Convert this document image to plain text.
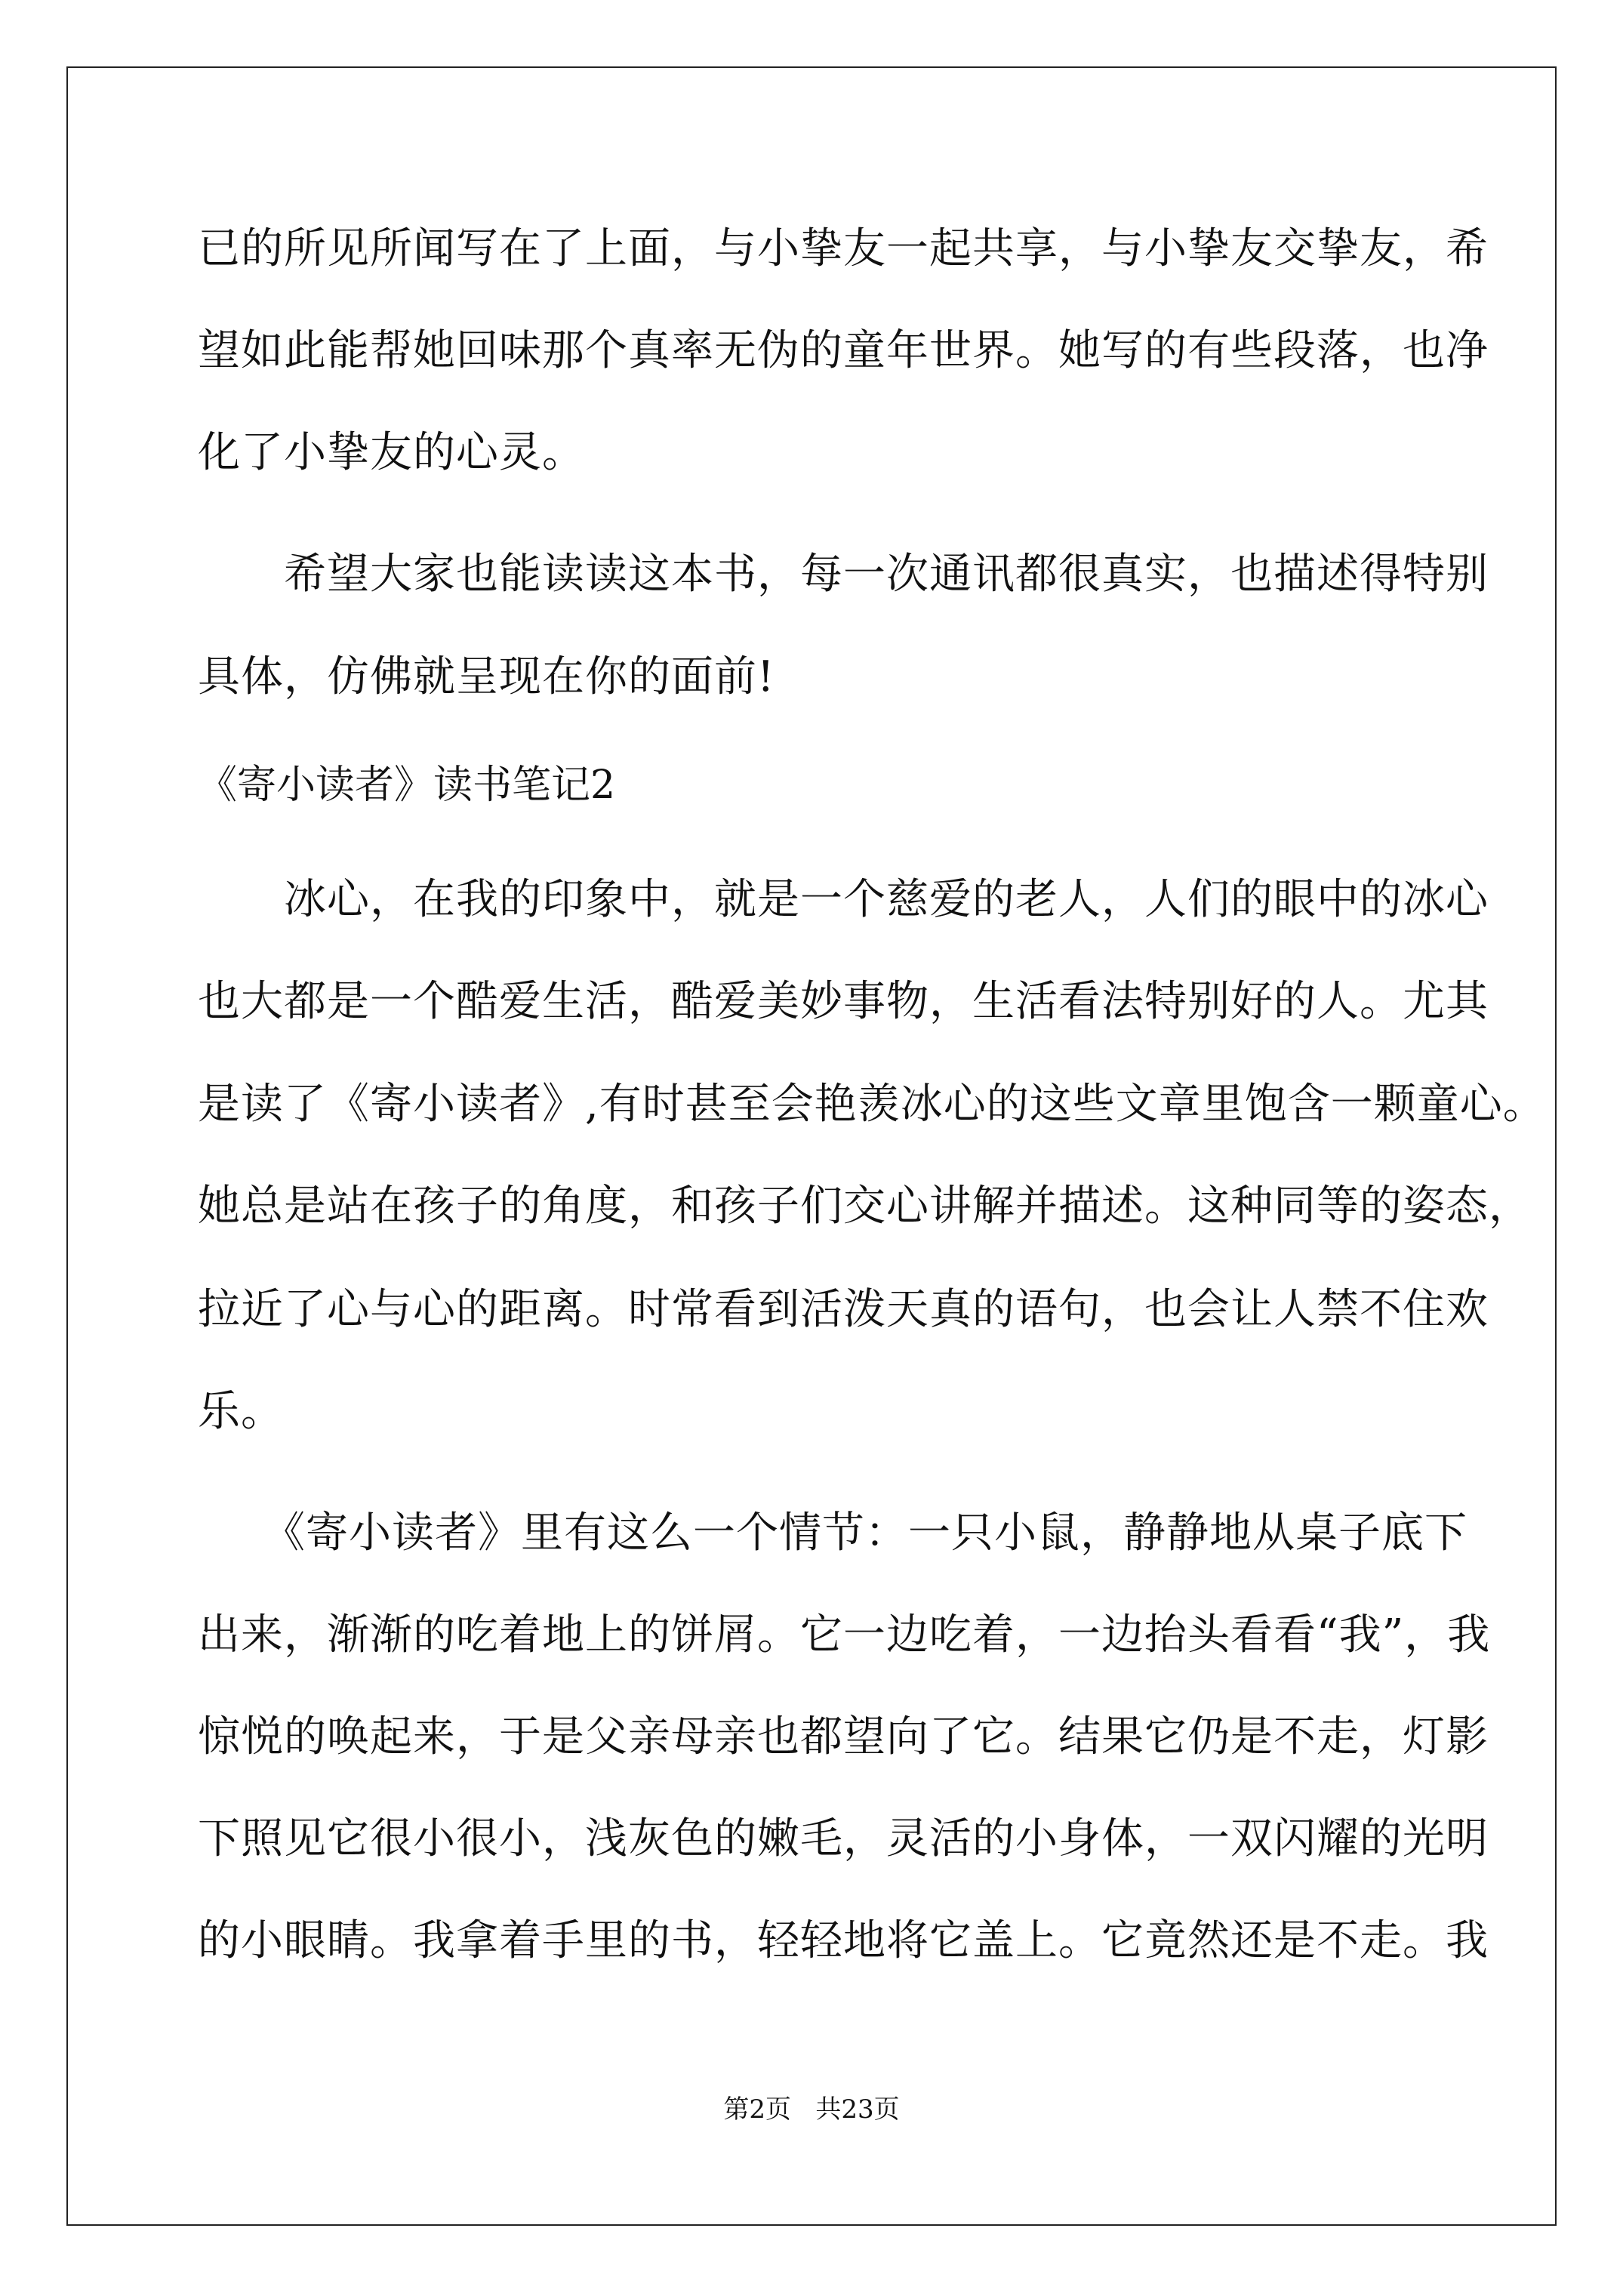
已的所见所闻写在了上面，与小挚友一起共享，与小挚友交挚友，希
望如此能帮她回味那个真率无伪的童年世界。她写的有些段落，也净
化了小挚友的心灵。
　　希望大家也能读读这本书，每一次通讯都很真实，也描述得特别
具体，仿佛就呈现在你的面前!
《寄小读者》读书笔记2
　　冰心，在我的印象中，就是一个慈爱的老人，人们的眼中的冰心
也大都是一个酷爱生活，酷爱美妙事物，生活看法特别好的人。尤其
是读了《寄小读者》,有时甚至会艳羡冰心的这些文章里饱含一颗童心。
她总是站在孩子的角度，和孩子们交心讲解并描述。这种同等的姿态，
拉近了心与心的距离。时常看到活泼天真的语句，也会让人禁不住欢
乐。
　　《寄小读者》里有这么一个情节：一只小鼠，静静地从桌子底下
出来，渐渐的吃着地上的饼屑。它一边吃着，一边抬头看看“我”，我
惊悦的唤起来，于是父亲母亲也都望向了它。结果它仍是不走，灯影
下照见它很小很小，浅灰色的嫩毛，灵活的小身体，一双闪耀的光明
的小眼睛。我拿着手里的书，轻轻地将它盖上。它竟然还是不走。我
第2页   共23页
